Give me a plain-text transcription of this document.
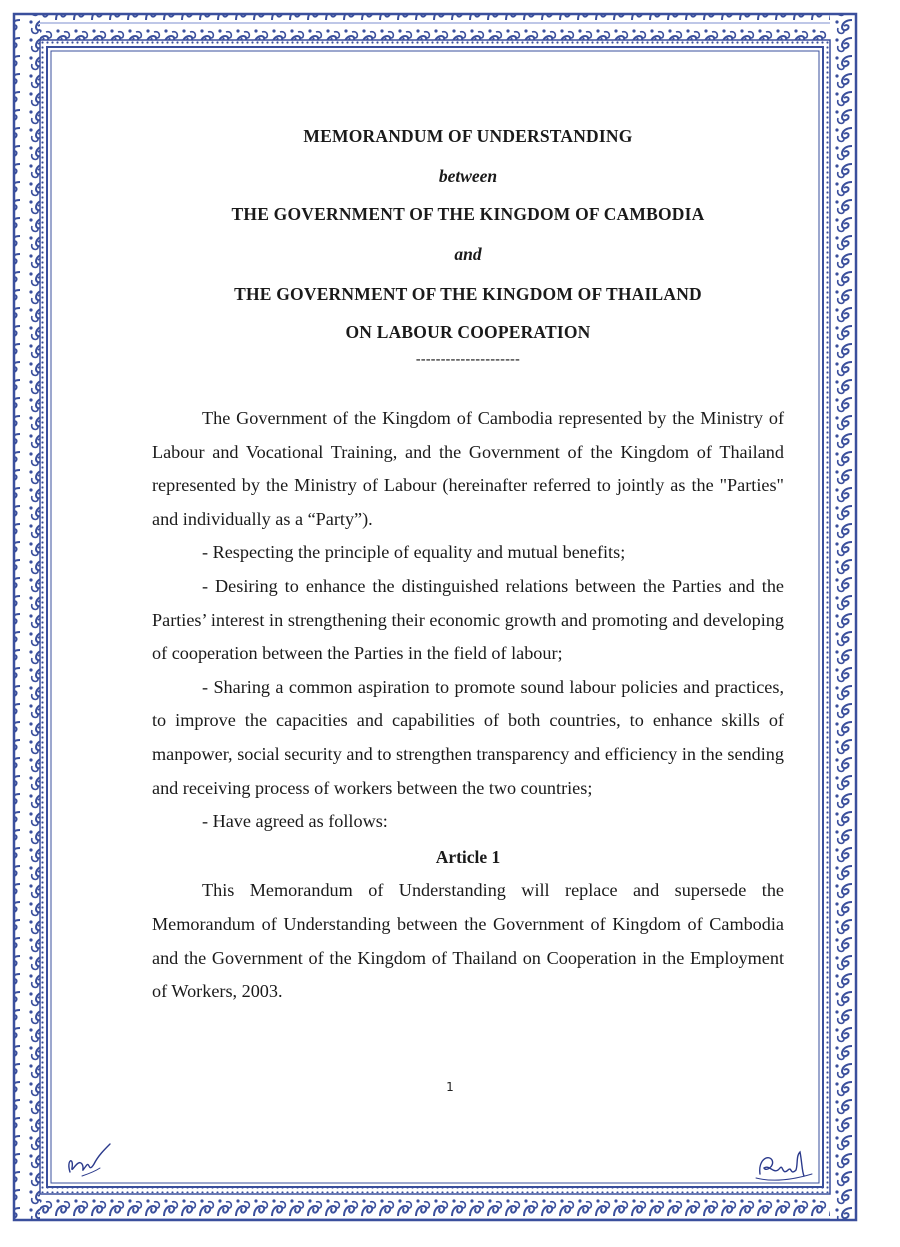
MEMORANDUM OF UNDERSTANDING

between

THE GOVERNMENT OF THE KINGDOM OF CAMBODIA

and

THE GOVERNMENT OF THE KINGDOM OF THAILAND

ON LABOUR COOPERATION

---------------------

The Government of the Kingdom of Cambodia represented by the Ministry of Labour and Vocational Training, and the Government of the Kingdom of Thailand represented by the Ministry of Labour (hereinafter referred to jointly as the "Parties" and individually as a “Party”).

- Respecting the principle of equality and mutual benefits;

- Desiring to enhance the distinguished relations between the Parties and the Parties’ interest in strengthening their economic growth and promoting and developing of cooperation between the Parties in the field of labour;

- Sharing a common aspiration to promote sound labour policies and practices, to improve the capacities and capabilities of both countries, to enhance skills of manpower, social security and to strengthen transparency and efficiency in the sending and receiving process of workers between the two countries;

- Have agreed as follows:

Article 1

This Memorandum of Understanding will replace and supersede the Memorandum of Understanding between the Government of Kingdom of Cambodia and the Government of the Kingdom of Thailand on Cooperation in the Employment of Workers, 2003.

1
